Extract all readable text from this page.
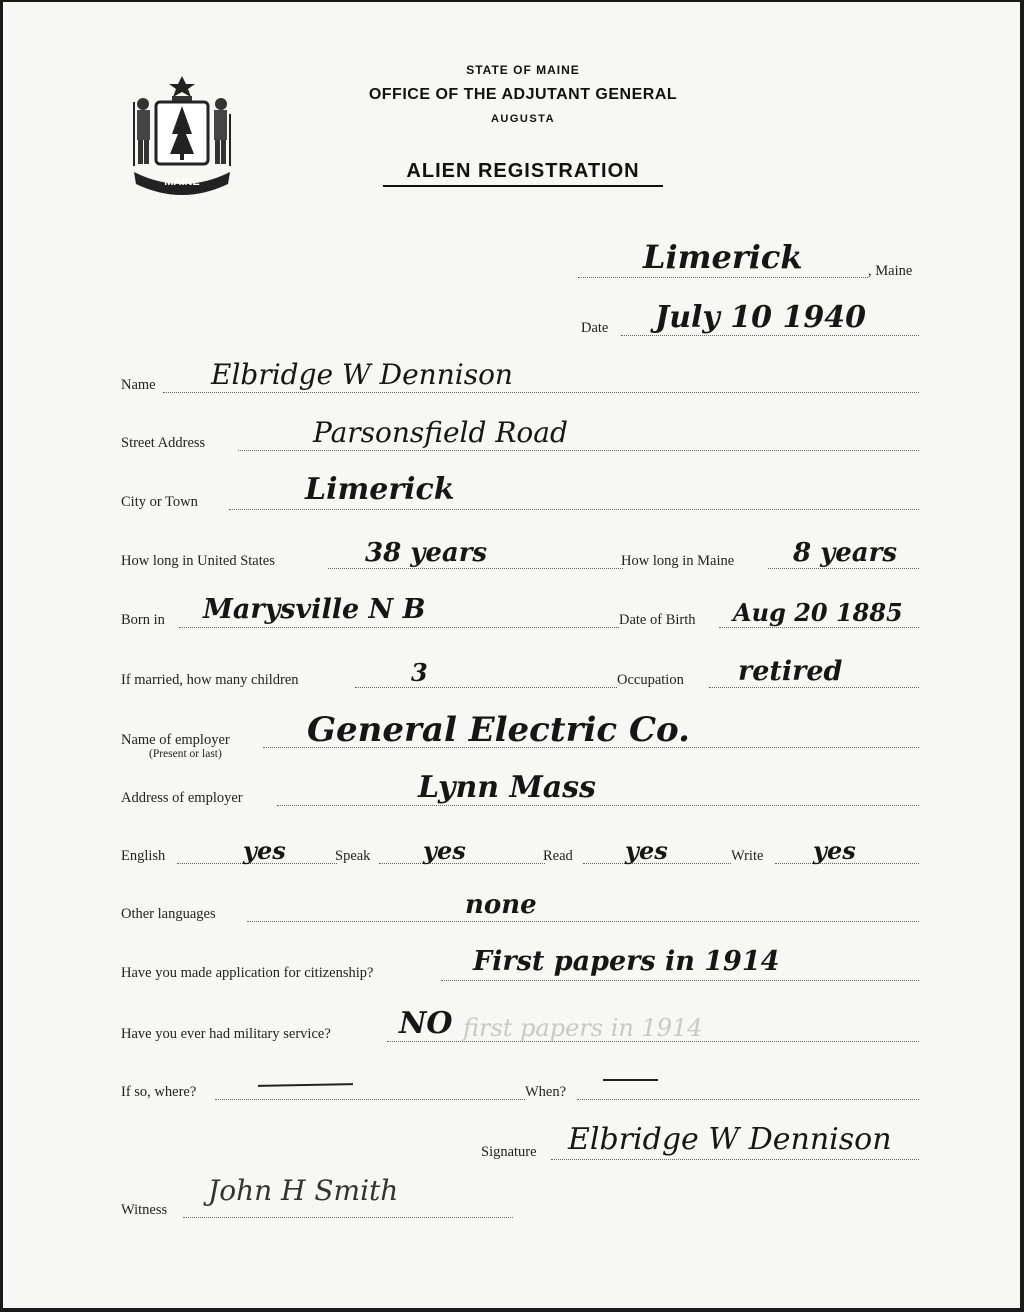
MAINE
STATE OF MAINE
OFFICE OF THE ADJUTANT GENERAL
AUGUSTA
ALIEN REGISTRATION
Limerick	, Maine
Date July 10 1940
Name Elbridge W Dennison
Street Address	Parsonsfield Road
City or Town	Limerick
How long in United States	38 years	How long in Maine 8 years
Born in Marysville N B	Date of Birth Aug 20 1885
If married, how many children	3	Occupation retired
Name of employer
(Present or last)
General Electric Co.
Address of employer	Lynn Mass
English	yes	Speak yes	Read yes	Write yes
Other languages	none
Have you made application for citizenship?	First papers in 1914
Have you ever had military service? NO first papers in 1914
If so, where?	When?
Signature Elbridge W Dennison
Witness
John H Smith
